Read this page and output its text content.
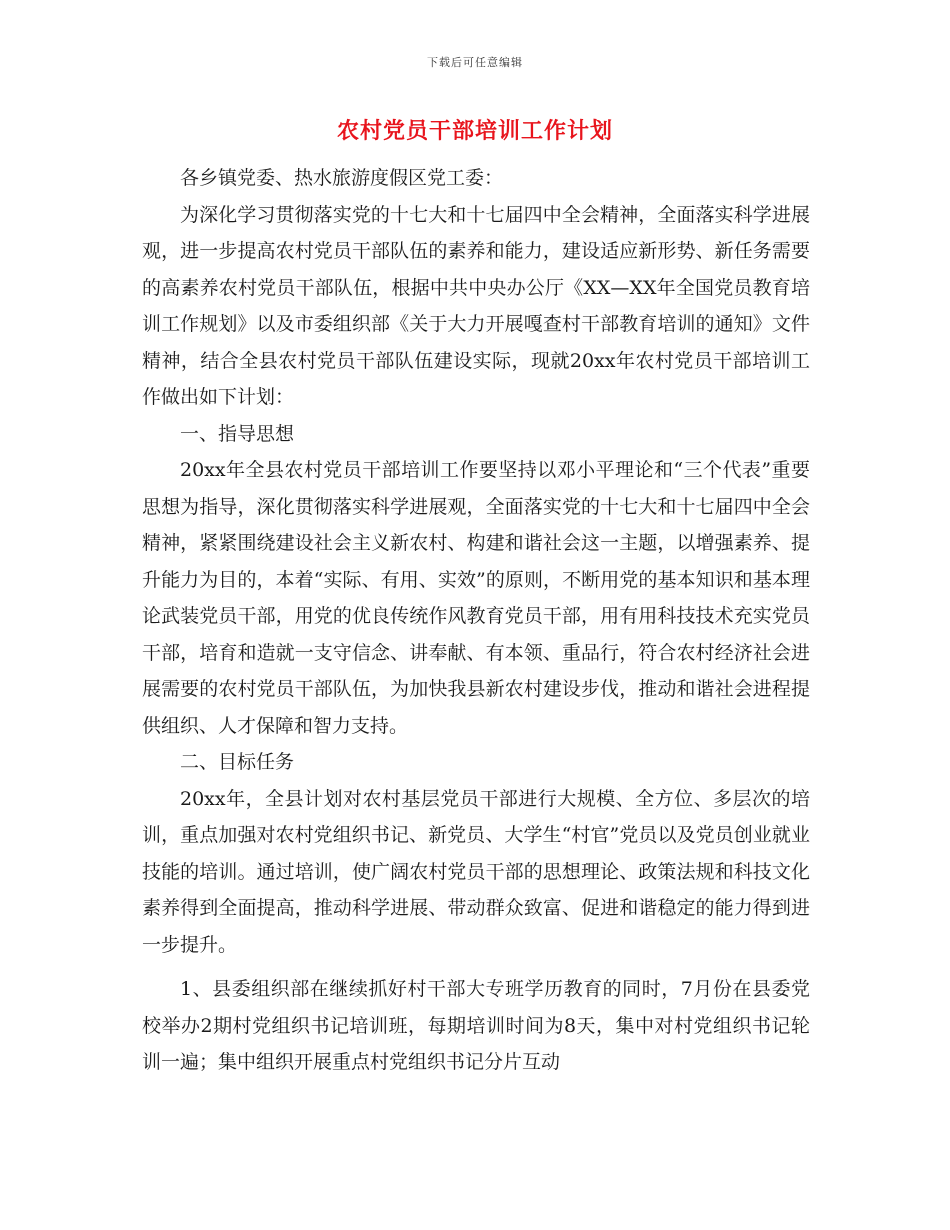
下载后可任意编辑
农村党员干部培训工作计划

各乡镇党委、热水旅游度假区党工委：

为深化学习贯彻落实党的十七大和十七届四中全会精神，全面落实科学进展观，进一步提高农村党员干部队伍的素养和能力，建设适应新形势、新任务需要的高素养农村党员干部队伍，根据中共中央办公厅《XX—XX年全国党员教育培训工作规划》以及市委组织部《关于大力开展嘎查村干部教育培训的通知》文件精神，结合全县农村党员干部队伍建设实际，现就20xx年农村党员干部培训工作做出如下计划：

一、指导思想

20xx年全县农村党员干部培训工作要坚持以邓小平理论和“三个代表”重要思想为指导，深化贯彻落实科学进展观，全面落实党的十七大和十七届四中全会精神，紧紧围绕建设社会主义新农村、构建和谐社会这一主题，以增强素养、提升能力为目的，本着“实际、有用、实效”的原则，不断用党的基本知识和基本理论武装党员干部，用党的优良传统作风教育党员干部，用有用科技技术充实党员干部，培育和造就一支守信念、讲奉献、有本领、重品行，符合农村经济社会进展需要的农村党员干部队伍，为加快我县新农村建设步伐，推动和谐社会进程提供组织、人才保障和智力支持。

二、目标任务

20xx年，全县计划对农村基层党员干部进行大规模、全方位、多层次的培训，重点加强对农村党组织书记、新党员、大学生“村官”党员以及党员创业就业技能的培训。通过培训，使广阔农村党员干部的思想理论、政策法规和科技文化素养得到全面提高，推动科学进展、带动群众致富、促进和谐稳定的能力得到进一步提升。

1、县委组织部在继续抓好村干部大专班学历教育的同时，7月份在县委党校举办2期村党组织书记培训班，每期培训时间为8天，集中对村党组织书记轮训一遍；集中组织开展重点村党组织书记分片互动
